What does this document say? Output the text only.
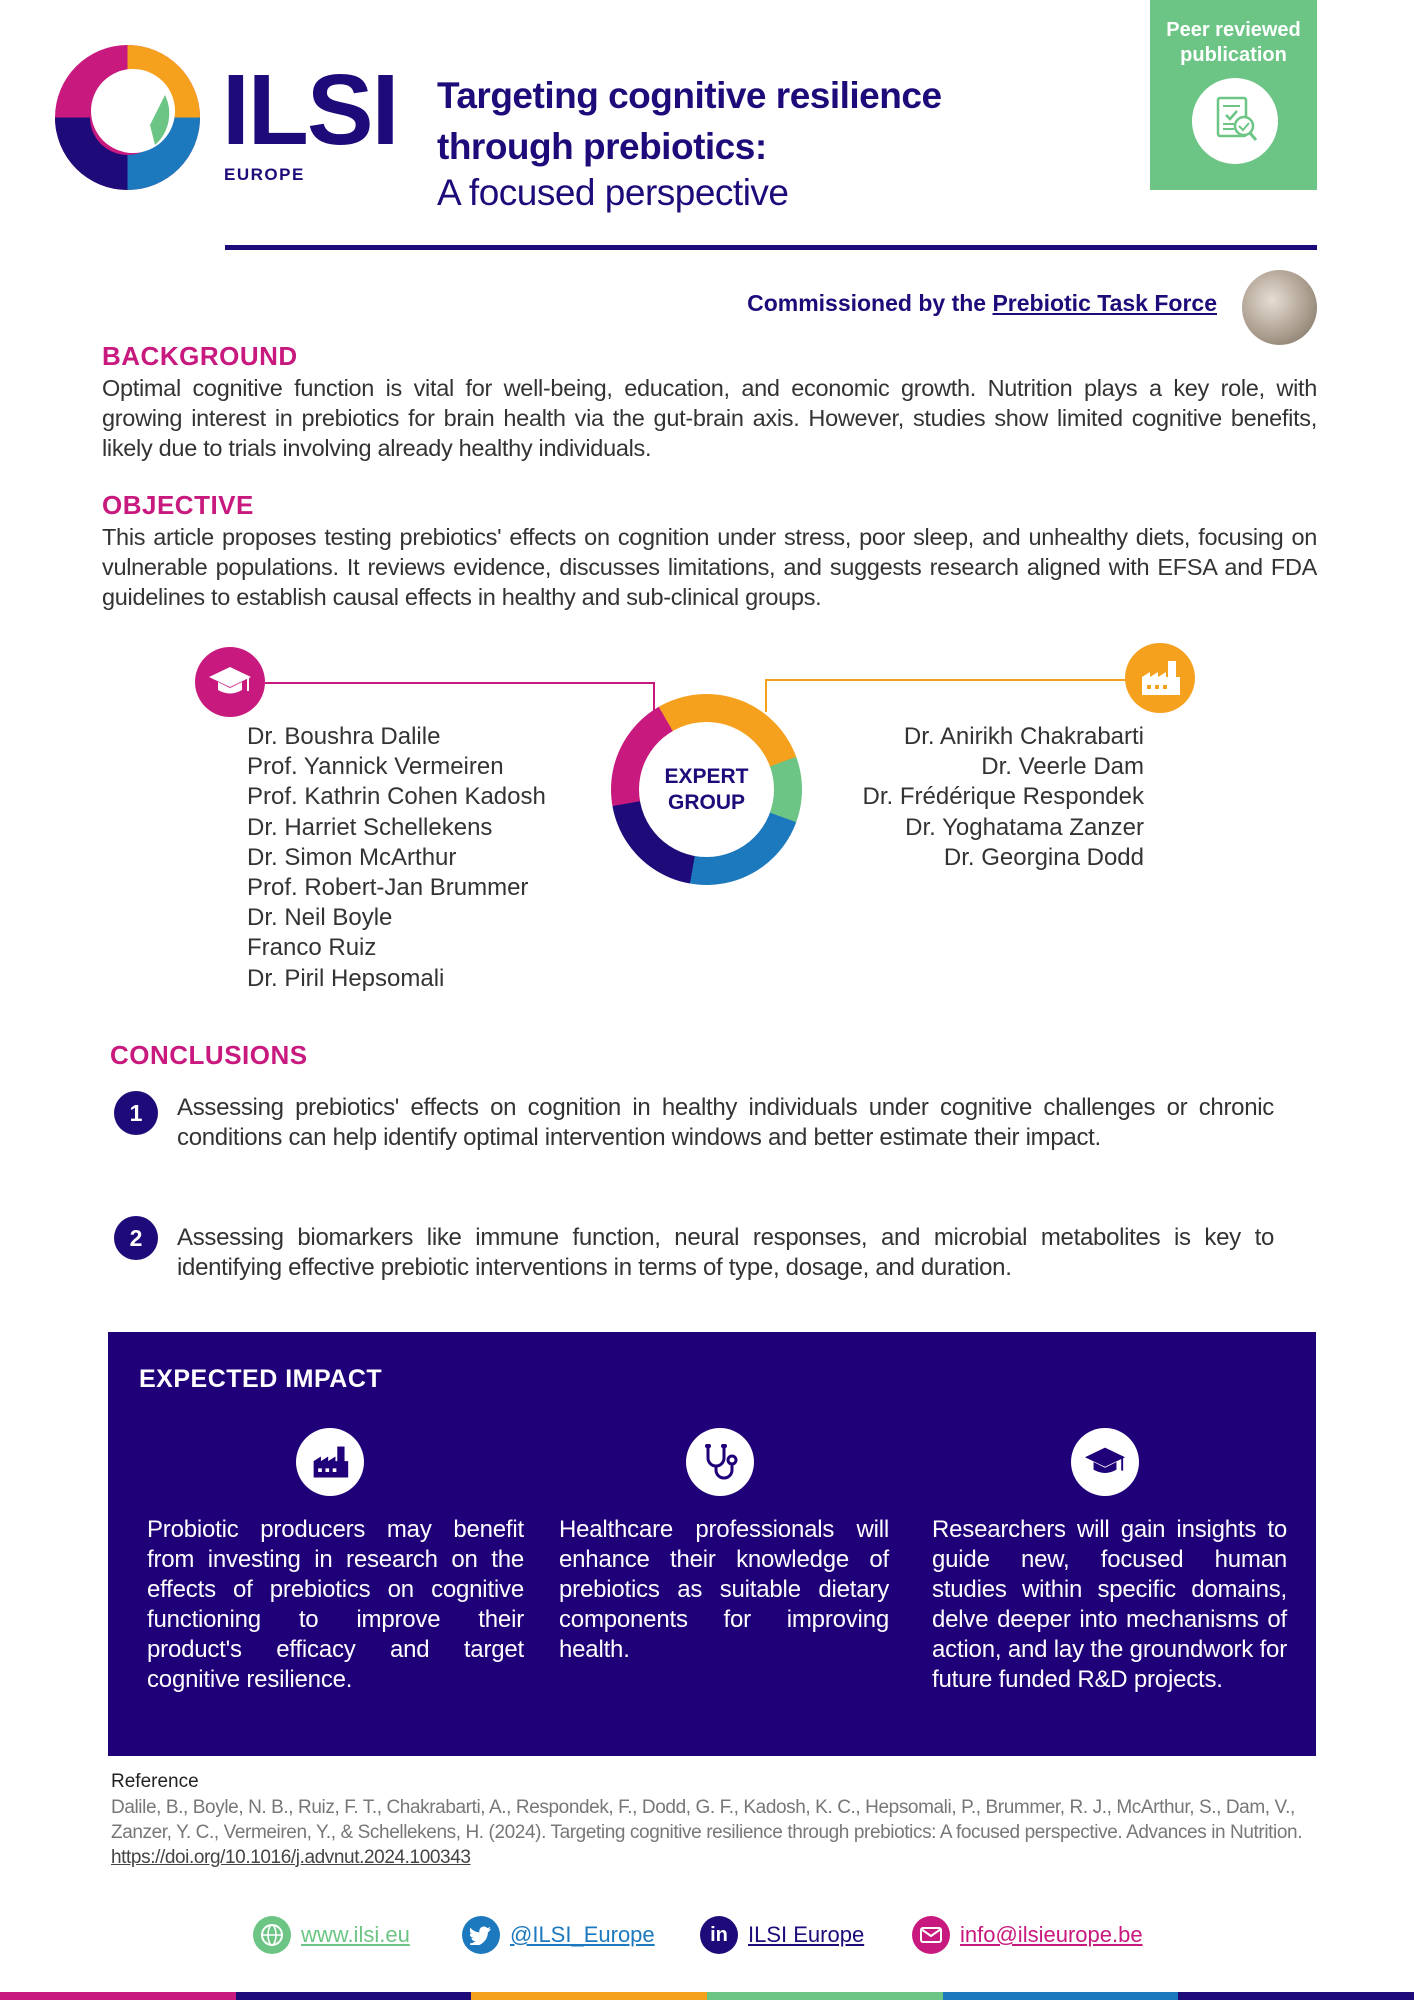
ILSI
EUROPE
Targeting cognitive resilience
through prebiotics:
A focused perspective
Peer reviewed
publication
Commissioned by the Prebiotic Task Force
BACKGROUND
Optimal cognitive function is vital for well-being, education, and economic growth. Nutrition plays a key role, with growing interest in prebiotics for brain health via the gut-brain axis. However, studies show limited cognitive benefits, likely due to trials involving already healthy individuals.
OBJECTIVE
This article proposes testing prebiotics' effects on cognition under stress, poor sleep, and unhealthy diets, focusing on vulnerable populations. It reviews evidence, discusses limitations, and suggests research aligned with EFSA and FDA guidelines to establish causal effects in healthy and sub-clinical groups.
EXPERT
GROUP
Dr. Boushra Dalile
Prof. Yannick Vermeiren
Prof. Kathrin Cohen Kadosh
Dr. Harriet Schellekens
Dr. Simon McArthur
Prof. Robert-Jan Brummer
Dr. Neil Boyle
Franco Ruiz
Dr. Piril Hepsomali
Dr. Anirikh Chakrabarti
Dr. Veerle Dam
Dr. Frédérique Respondek
Dr. Yoghatama Zanzer
Dr. Georgina Dodd
CONCLUSIONS
1	Assessing prebiotics' effects on cognition in healthy individuals under cognitive challenges or chronic conditions can help identify optimal intervention windows and better estimate their impact.
2	Assessing biomarkers like immune function, neural responses, and microbial metabolites is key to identifying effective prebiotic interventions in terms of type, dosage, and duration.
EXPECTED IMPACT
Probiotic producers may benefit from investing in research on the effects of prebiotics on cognitive functioning to improve their product's efficacy and target cognitive resilience.
Healthcare professionals will enhance their knowledge of prebiotics as suitable dietary components for improving health.
Researchers will gain insights to guide new, focused human studies within specific domains, delve deeper into mechanisms of action, and lay the groundwork for future funded R&D projects.
Reference
Dalile, B., Boyle, N. B., Ruiz, F. T., Chakrabarti, A., Respondek, F., Dodd, G. F., Kadosh, K. C., Hepsomali, P., Brummer, R. J., McArthur, S., Dam, V., Zanzer, Y. C., Vermeiren, Y., & Schellekens, H. (2024). Targeting cognitive resilience through prebiotics: A focused perspective. Advances in Nutrition. https://doi.org/10.1016/j.advnut.2024.100343
www.ilsi.eu	@ILSI_Europe	in ILSI Europe	info@ilsieurope.be
